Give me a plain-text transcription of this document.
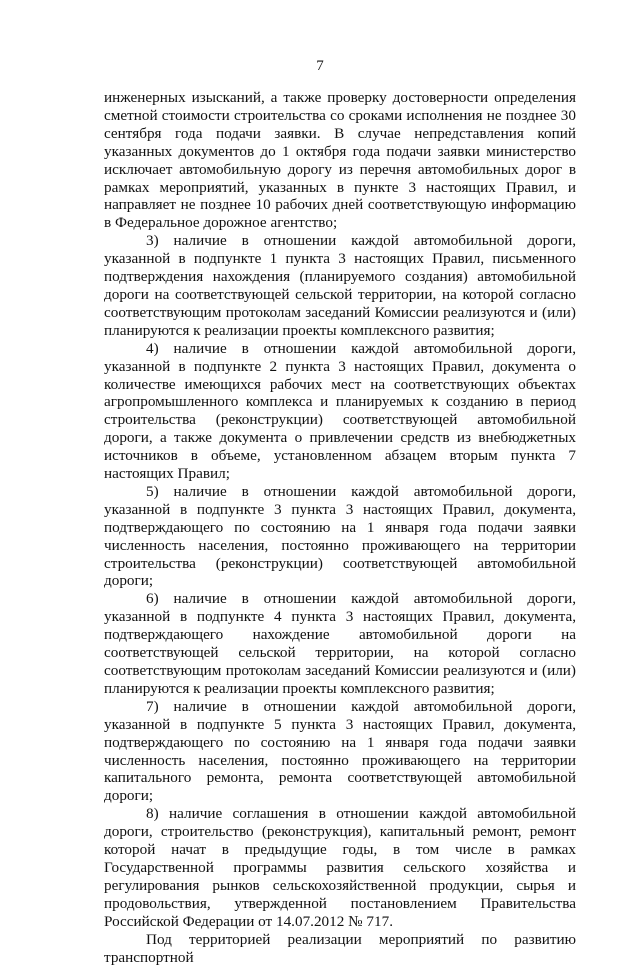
7

инженерных изысканий, а также проверку достоверности определения сметной стоимости строительства со сроками исполнения не позднее 30 сентября года подачи заявки. В случае непредставления копий указанных документов до 1 октября года подачи заявки министерство исключает автомобильную дорогу из перечня автомобильных дорог в рамках мероприятий, указанных в пункте 3 настоящих Правил, и направляет не позднее 10 рабочих дней соответствующую информацию в Федеральное дорожное агентство;

3) наличие в отношении каждой автомобильной дороги, указанной в подпункте 1 пункта 3 настоящих Правил, письменного подтверждения нахождения (планируемого создания) автомобильной дороги на соответствующей сельской территории, на которой согласно соответствующим протоколам заседаний Комиссии реализуются и (или) планируются к реализации проекты комплексного развития;

4) наличие в отношении каждой автомобильной дороги, указанной в подпункте 2 пункта 3 настоящих Правил, документа о количестве имеющихся рабочих мест на соответствующих объектах агропромышленного комплекса и планируемых к созданию в период строительства (реконструкции) соответствующей автомобильной дороги, а также документа о привлечении средств из внебюджетных источников в объеме, установленном абзацем вторым пункта 7 настоящих Правил;

5) наличие в отношении каждой автомобильной дороги, указанной в подпункте 3 пункта 3 настоящих Правил, документа, подтверждающего по состоянию на 1 января года подачи заявки численность населения, постоянно проживающего на территории строительства (реконструкции) соответствующей автомобильной дороги;

6) наличие в отношении каждой автомобильной дороги, указанной в подпункте 4 пункта 3 настоящих Правил, документа, подтверждающего нахождение автомобильной дороги на соответствующей сельской территории, на которой согласно соответствующим протоколам заседаний Комиссии реализуются и (или) планируются к реализации проекты комплексного развития;

7) наличие в отношении каждой автомобильной дороги, указанной в подпункте 5 пункта 3 настоящих Правил, документа, подтверждающего по состоянию на 1 января года подачи заявки численность населения, постоянно проживающего на территории капитального ремонта, ремонта соответствующей автомобильной дороги;

8) наличие соглашения в отношении каждой автомобильной дороги, строительство (реконструкция), капитальный ремонт, ремонт которой начат в предыдущие годы, в том числе в рамках Государственной программы развития сельского хозяйства и регулирования рынков сельскохозяйственной продукции, сырья и продовольствия, утвержденной постановлением Правительства Российской Федерации от 14.07.2012 № 717.

Под территорией реализации мероприятий по развитию транспортной
